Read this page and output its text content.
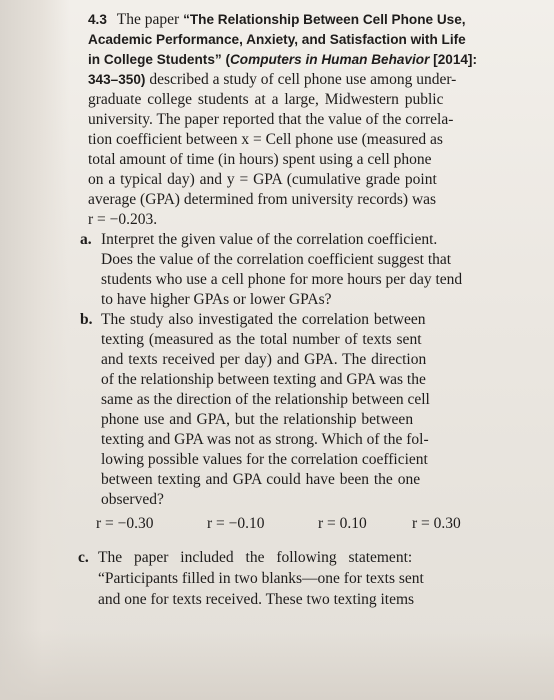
4.3 The paper “The Relationship Between Cell Phone Use,
Academic Performance, Anxiety, and Satisfaction with Life
in College Students” (Computers in Human Behavior [2014]:
343–350) described a study of cell phone use among under-
graduate college students at a large, Midwestern public
university. The paper reported that the value of the correla-
tion coefficient between x = Cell phone use (measured as
total amount of time (in hours) spent using a cell phone
on a typical day) and y = GPA (cumulative grade point
average (GPA) determined from university records) was
r = −0.203.
a. Interpret the given value of the correlation coefficient.
Does the value of the correlation coefficient suggest that
students who use a cell phone for more hours per day tend
to have higher GPAs or lower GPAs?
b. The study also investigated the correlation between
texting (measured as the total number of texts sent
and texts received per day) and GPA. The direction
of the relationship between texting and GPA was the
same as the direction of the relationship between cell
phone use and GPA, but the relationship between
texting and GPA was not as strong. Which of the fol-
lowing possible values for the correlation coefficient
between texting and GPA could have been the one
observed?
r = −0.30	r = −0.10	r = 0.10	r = 0.30
c. The paper included the following statement:
“Participants filled in two blanks—one for texts sent
and one for texts received. These two texting items
